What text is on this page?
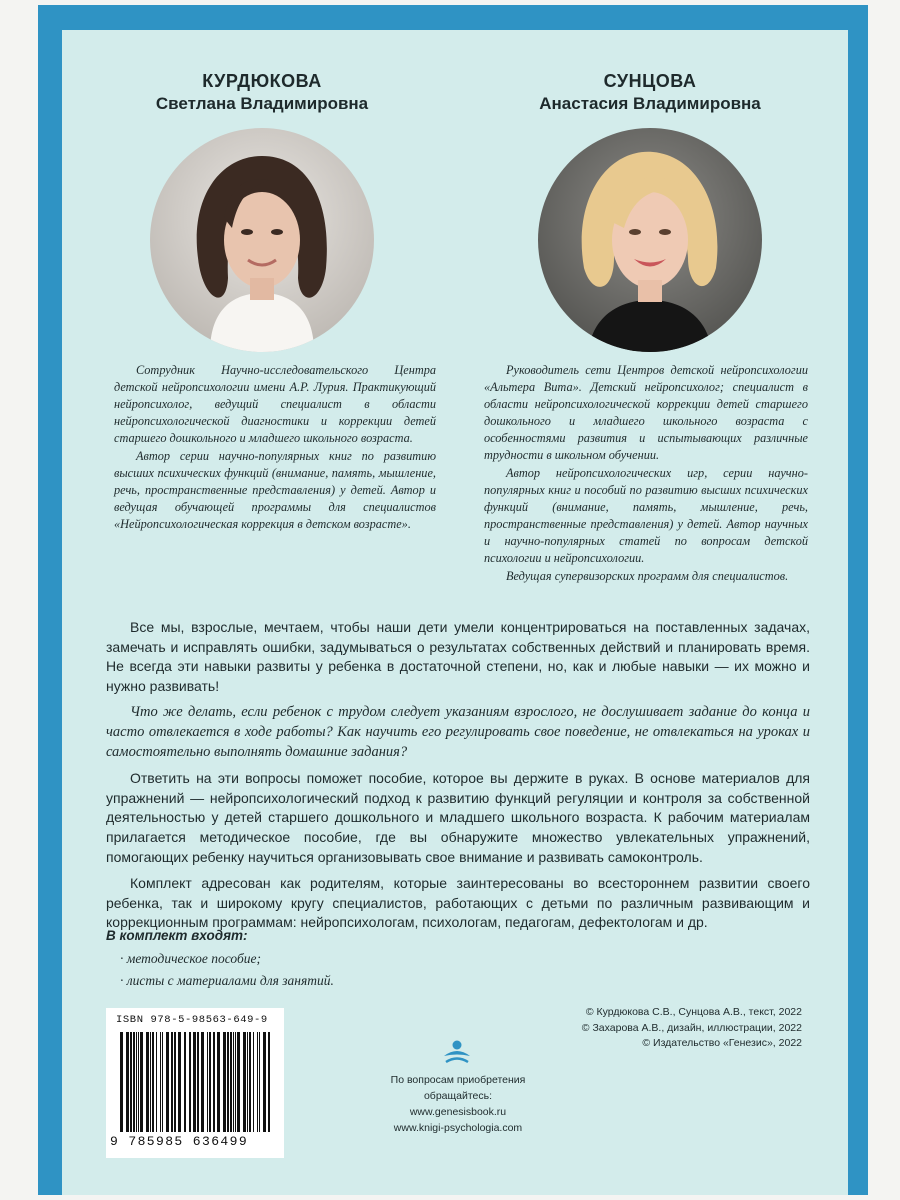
КУРДЮКОВА
Светлана Владимировна
СУНЦОВА
Анастасия Владимировна

Сотрудник Научно-исследовательского Центра детской нейропсихологии имени А.Р. Лурия. Практикующий нейропсихолог, ведущий специалист в области нейропсихологической диагностики и коррекции детей старшего дошкольного и младшего школьного возраста.

Автор серии научно-популярных книг по развитию высших психических функций (внимание, память, мышление, речь, пространственные представления) у детей. Автор и ведущая обучающей программы для специалистов «Нейропсихологическая коррекция в детском возрасте».

Руководитель сети Центров детской нейропсихологии «Альтера Вита». Детский нейропсихолог; специалист в области нейропсихологической коррекции детей старшего дошкольного и младшего школьного возраста с особенностями развития и испытывающих различные трудности в школьном обучении.

Автор нейропсихологических игр, серии научно-популярных книг и пособий по развитию высших психических функций (внимание, память, мышление, речь, пространственные представления) у детей. Автор научных и научно-популярных статей по вопросам детской психологии и нейропсихологии.

Ведущая супервизорских программ для специалистов.

Все мы, взрослые, мечтаем, чтобы наши дети умели концентрироваться на поставленных задачах, замечать и исправлять ошибки, задумываться о результатах собственных действий и планировать время. Не всегда эти навыки развиты у ребенка в достаточной степени, но, как и любые навыки — их можно и нужно развивать!

Что же делать, если ребенок с трудом следует указаниям взрослого, не дослушивает задание до конца и часто отвлекается в ходе работы? Как научить его регулировать свое поведение, не отвлекаться на уроках и самостоятельно выполнять домашние задания?

Ответить на эти вопросы поможет пособие, которое вы держите в руках. В основе материалов для упражнений — нейропсихологический подход к развитию функций регуляции и контроля за собственной деятельностью у детей старшего дошкольного и младшего школьного возраста. К рабочим материалам прилагается методическое пособие, где вы обнаружите множество увлекательных упражнений, помогающих ребенку научиться организовывать свое внимание и развивать самоконтроль.

Комплект адресован как родителям, которые заинтересованы во всестороннем развитии своего ребенка, так и широкому кругу специалистов, работающих с детьми по различным развивающим и коррекционным программам: нейропсихологам, психологам, педагогам, дефектологам и др.

В комплект входят:
· методическое пособие;
· листы с материалами для занятий.
© Курдюкова С.В., Сунцова А.В., текст, 2022
© Захарова А.В., дизайн, иллюстрации, 2022
© Издательство «Генезис», 2022
ISBN 978-5-98563-649-9
9 785985 636499
По вопросам приобретения обращайтесь:
www.genesisbook.ru
www.knigi-psychologia.com
